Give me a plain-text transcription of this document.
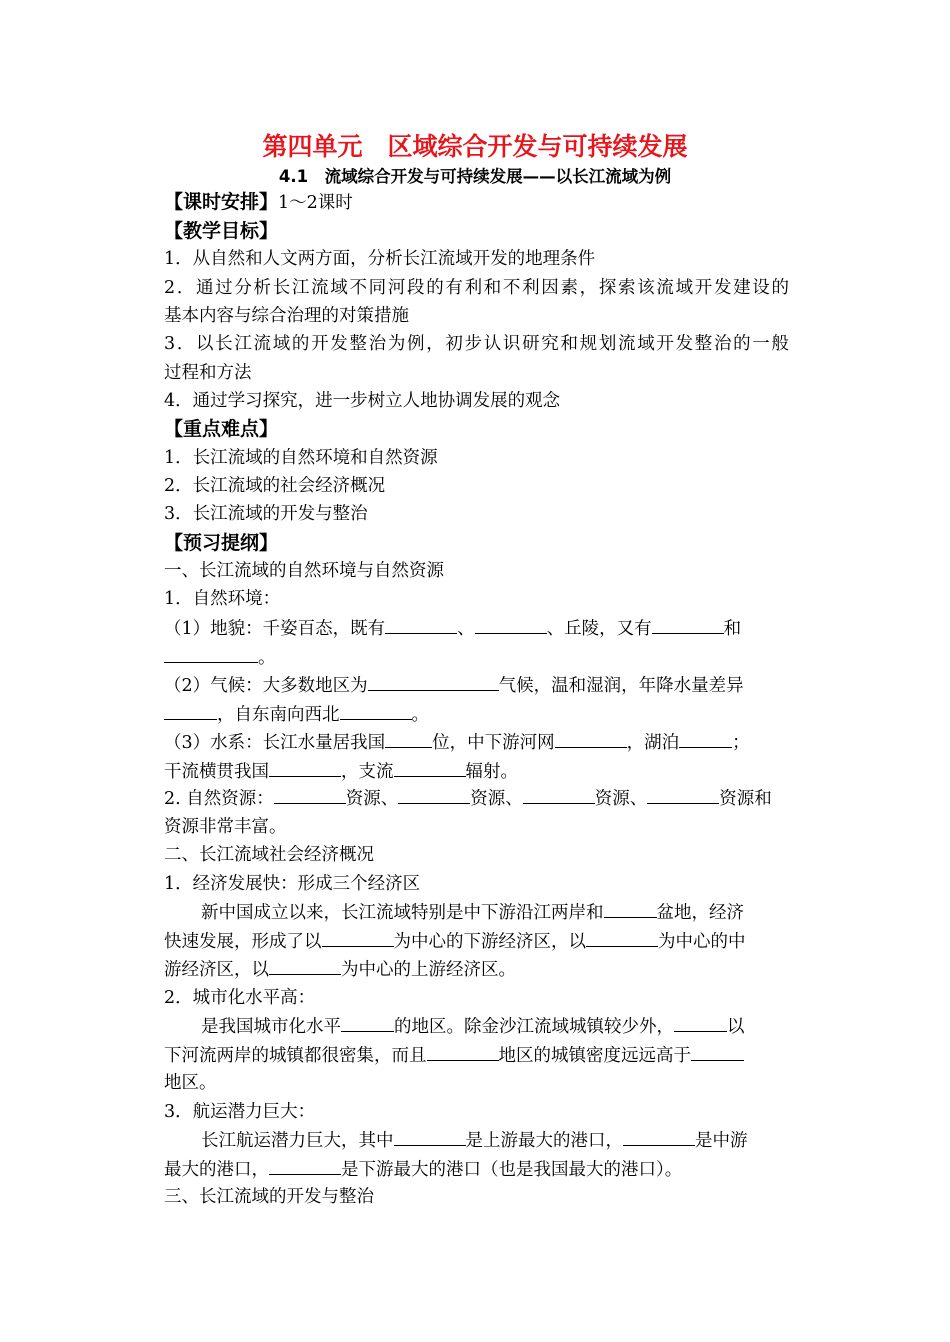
第四单元　区域综合开发与可持续发展
4.1　流域综合开发与可持续发展——以长江流域为例
【课时安排】1～2课时
【教学目标】
1．从自然和人文两方面，分析长江流域开发的地理条件
2．通过分析长江流域不同河段的有利和不利因素，探索该流域开发建设的
基本内容与综合治理的对策措施
3．以长江流域的开发整治为例，初步认识研究和规划流域开发整治的一般
过程和方法
4．通过学习探究，进一步树立人地协调发展的观念
【重点难点】
1．长江流域的自然环境和自然资源
2．长江流域的社会经济概况
3．长江流域的开发与整治
【预习提纲】
一、长江流域的自然环境与自然资源
1．自然环境：
（1）地貌：千姿百态，既有	、	、丘陵，又有	和
。
（2）气候：大多数地区为	气候，温和湿润，年降水量差异
，自东南向西北	。
（3）水系：长江水量居我国	位，中下游河网	，湖泊	；
干流横贯我国	，支流	辐射。
2. 自然资源：	资源、	资源、	资源、	资源和
资源非常丰富。
二、长江流域社会经济概况
1．经济发展快：形成三个经济区
新中国成立以来，长江流域特别是中下游沿江两岸和	盆地，经济
快速发展，形成了以	为中心的下游经济区，以	为中心的中
游经济区，以	为中心的上游经济区。
2．城市化水平高：
是我国城市化水平	的地区。除金沙江流域城镇较少外，	以
下河流两岸的城镇都很密集，而且	地区的城镇密度远远高于
地区。
3．航运潜力巨大：
长江航运潜力巨大，其中	是上游最大的港口，	是中游
最大的港口，	是下游最大的港口（也是我国最大的港口）。
三、长江流域的开发与整治
